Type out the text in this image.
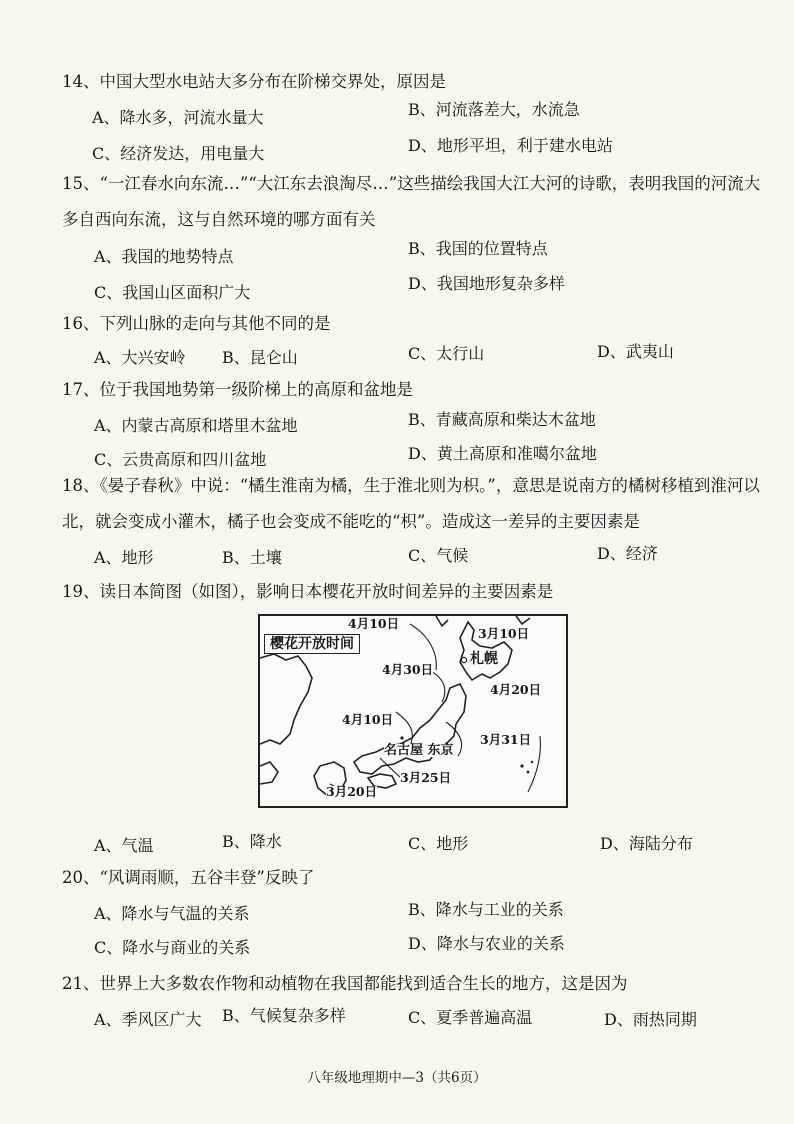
14、中国大型水电站大多分布在阶梯交界处，原因是
A、降水多，河流水量大	B、河流落差大，水流急
C、经济发达，用电量大	D、地形平坦，利于建水电站
15、“一江春水向东流…”“大江东去浪淘尽…”这些描绘我国大江大河的诗歌，表明我国的河流大
多自西向东流，这与自然环境的哪方面有关
A、我国的地势特点	B、我国的位置特点
C、我国山区面积广大	D、我国地形复杂多样
16、下列山脉的走向与其他不同的是
A、大兴安岭 B、昆仑山	C、太行山	D、武夷山
17、位于我国地势第一级阶梯上的高原和盆地是
A、内蒙古高原和塔里木盆地	B、青藏高原和柴达木盆地
C、云贵高原和四川盆地	D、黄土高原和准噶尔盆地
18、《晏子春秋》中说：“橘生淮南为橘，生于淮北则为枳。”，意思是说南方的橘树移植到淮河以
北，就会变成小灌木，橘子也会变成不能吃的“枳”。造成这一差异的主要因素是
A、地形	B、土壤	C、气候	D、经济
19、读日本简图（如图），影响日本樱花开放时间差异的主要因素是
樱花开放时间
4月10日
3月10日
札幌
4月30日
4月20日
4月10日
3月31日
名古屋 东京
3月25日
3月20日
A、气温	B、降水	C、地形	D、海陆分布
20、“风调雨顺，五谷丰登”反映了
A、降水与气温的关系	B、降水与工业的关系
C、降水与商业的关系	D、降水与农业的关系
21、世界上大多数农作物和动植物在我国都能找到适合生长的地方，这是因为
A、季风区广大 B、气候复杂多样	C、夏季普遍高温	D、雨热同期
八年级地理期中—3（共6页）
